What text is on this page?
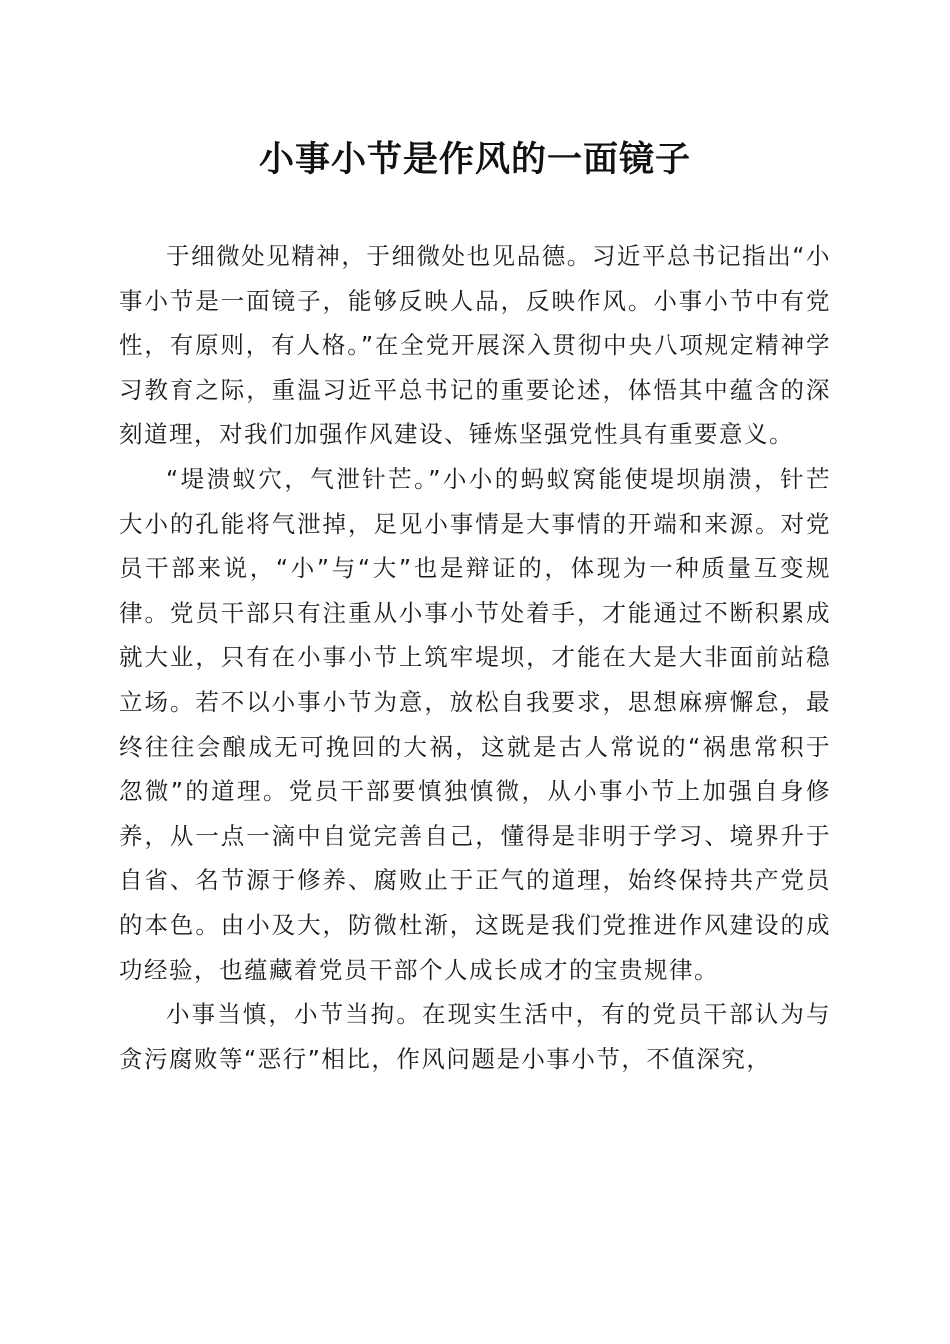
小事小节是作风的一面镜子

于细微处见精神，于细微处也见品德。习近平总书记指出“小事小节是一面镜子，能够反映人品，反映作风。小事小节中有党性，有原则，有人格。”在全党开展深入贯彻中央八项规定精神学习教育之际，重温习近平总书记的重要论述，体悟其中蕴含的深刻道理，对我们加强作风建设、锤炼坚强党性具有重要意义。

“堤溃蚁穴，气泄针芒。”小小的蚂蚁窝能使堤坝崩溃，针芒大小的孔能将气泄掉，足见小事情是大事情的开端和来源。对党员干部来说，“小”与“大”也是辩证的，体现为一种质量互变规律。党员干部只有注重从小事小节处着手，才能通过不断积累成就大业，只有在小事小节上筑牢堤坝，才能在大是大非面前站稳立场。若不以小事小节为意，放松自我要求，思想麻痹懈怠，最终往往会酿成无可挽回的大祸，这就是古人常说的“祸患常积于忽微”的道理。党员干部要慎独慎微，从小事小节上加强自身修养，从一点一滴中自觉完善自己，懂得是非明于学习、境界升于自省、名节源于修养、腐败止于正气的道理，始终保持共产党员的本色。由小及大，防微杜渐，这既是我们党推进作风建设的成功经验，也蕴藏着党员干部个人成长成才的宝贵规律。

小事当慎，小节当拘。在现实生活中，有的党员干部认为与贪污腐败等“恶行”相比，作风问题是小事小节，不值深究，
